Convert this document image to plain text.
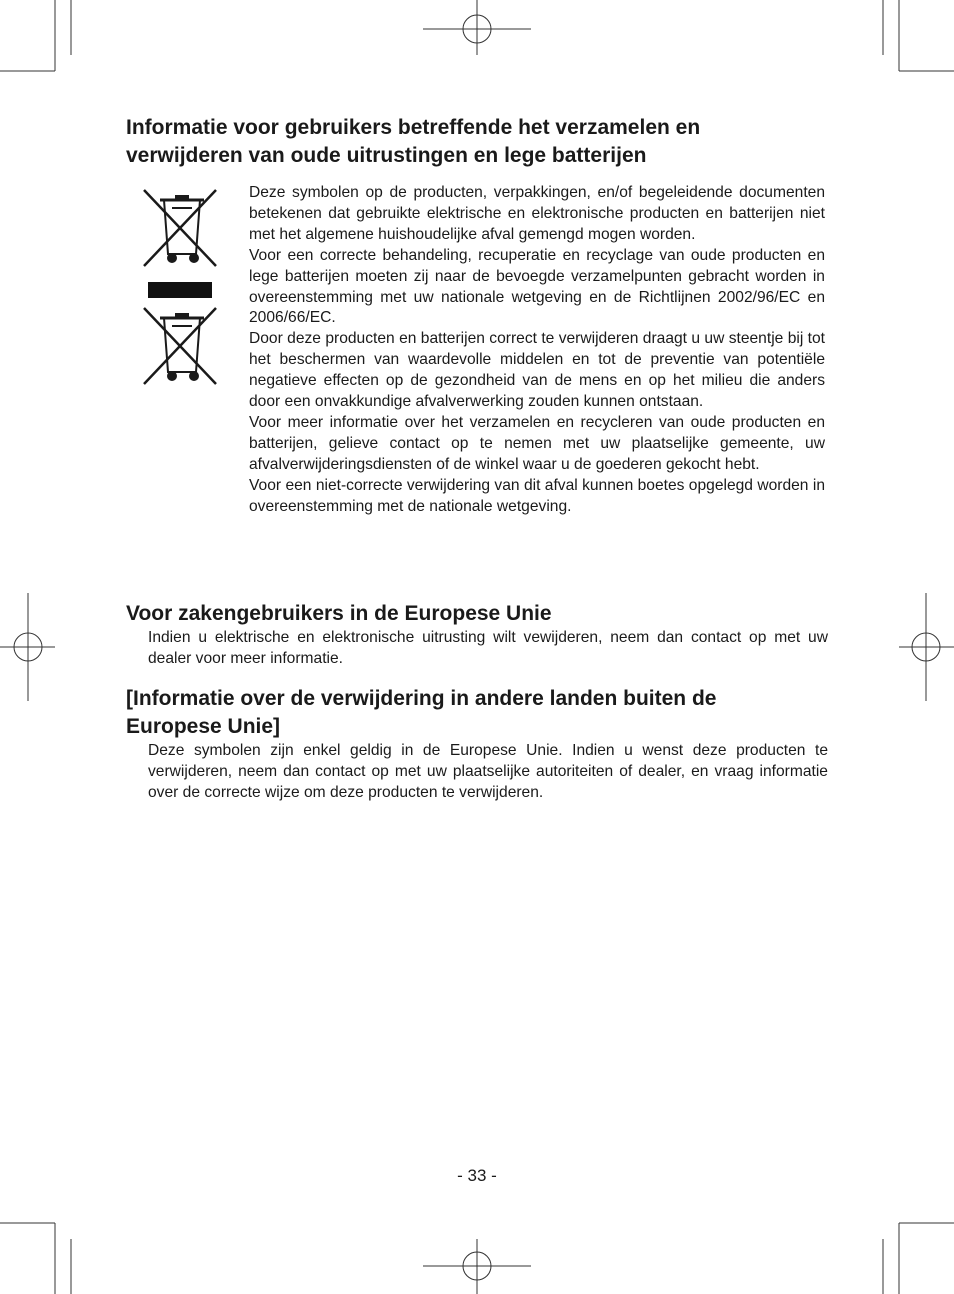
Informatie voor gebruikers betreffende het verzamelen en
verwijderen van oude uitrustingen en lege batterijen

Deze symbolen op de producten, verpakkingen, en/of begeleidende documenten betekenen dat gebruikte elektrische en elektronische producten en batterijen niet met het algemene huishoudelijke afval gemengd mogen worden.

Voor een correcte behandeling, recuperatie en recyclage van oude producten en lege batterijen moeten zij naar de bevoegde verzamelpunten gebracht worden in overeenstemming met uw nationale wetgeving en de Richtlijnen 2002/96/EC en 2006/66/EC.

Door deze producten en batterijen correct te verwijderen draagt u uw steentje bij tot het beschermen van waardevolle middelen en tot de preventie van potentiële negatieve effecten op de gezondheid van de mens en op het milieu die anders door een onvakkundige afvalverwerking zouden kunnen ontstaan.

Voor meer informatie over het verzamelen en recycleren van oude producten en batterijen, gelieve contact op te nemen met uw plaatselijke gemeente, uw afvalverwijderingsdiensten of de winkel waar u de goederen gekocht hebt.

Voor een niet-correcte verwijdering van dit afval kunnen boetes opgelegd worden in overeenstemming met de nationale wetgeving.

Voor zakengebruikers in de Europese Unie

Indien u elektrische en elektronische uitrusting wilt vewijderen, neem dan contact op met uw dealer voor meer informatie.

[Informatie over de verwijdering in andere landen buiten de
Europese Unie]

Deze symbolen zijn enkel geldig in de Europese Unie. Indien u wenst deze producten te verwijderen, neem dan contact op met uw plaatselijke autoriteiten of dealer, en vraag informatie over de correcte wijze om deze producten te verwijderen.

- 33 -
